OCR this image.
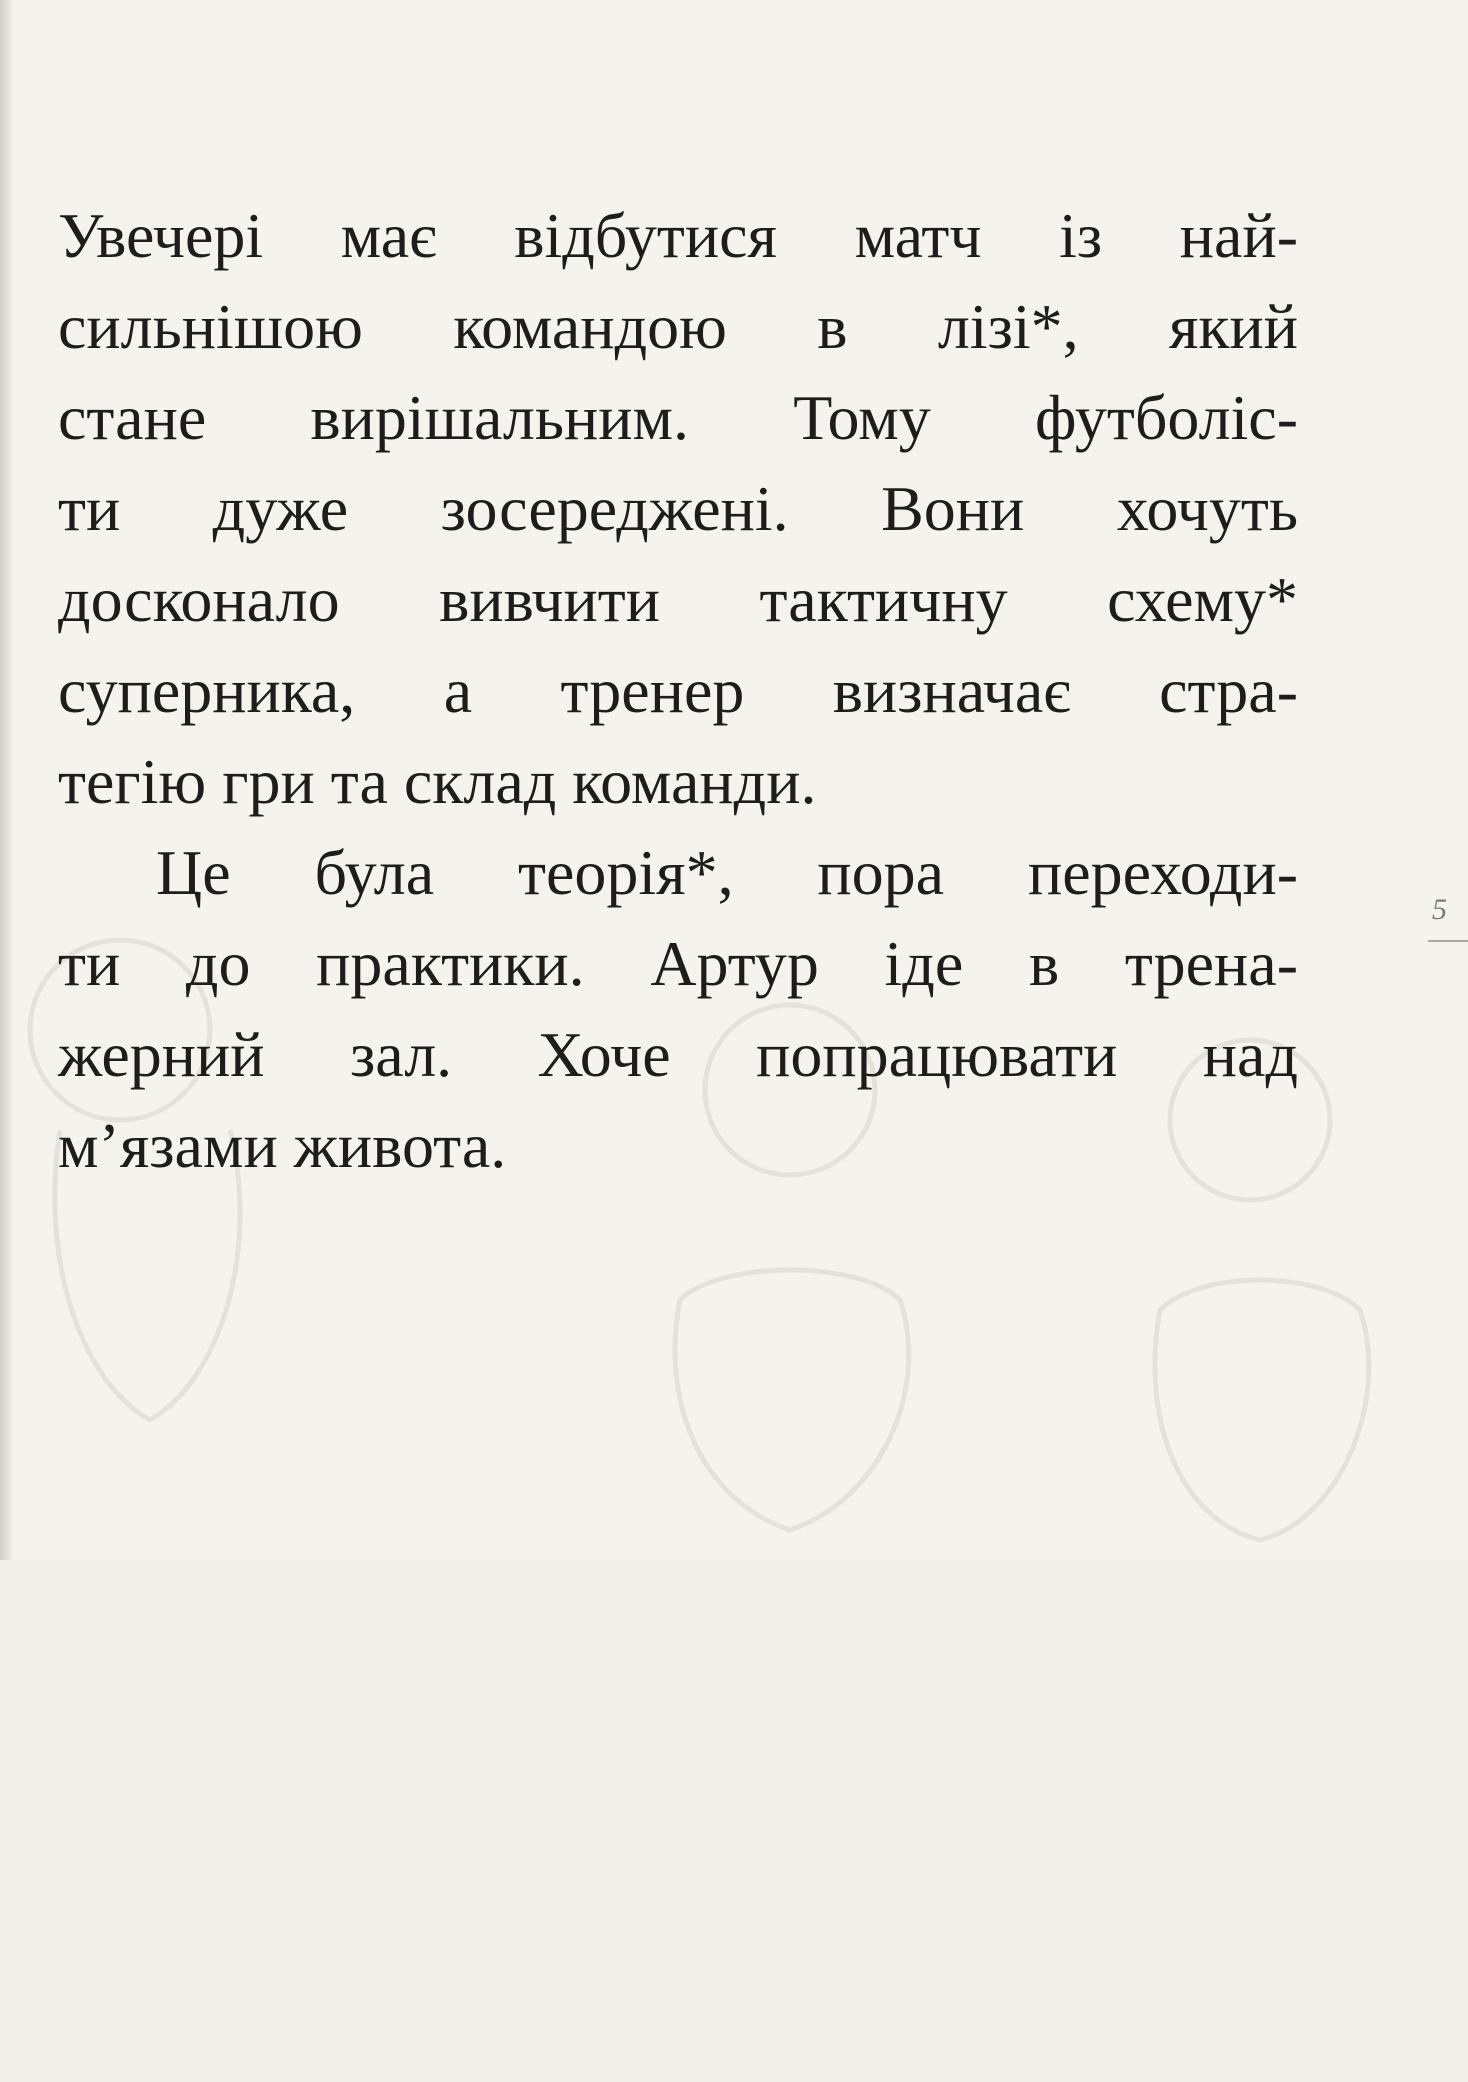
Увечері має відбутися матч із най-
сильнішою командою в лізі*, який
стане вирішальним. Тому футболіс-
ти дуже зосереджені. Вони хочуть
досконало вивчити тактичну схему*
суперника, а тренер визначає стра-
тегію гри та склад команди.
Це була теорія*, пора переходи-
ти до практики. Артур іде в трена-
жерний зал. Хоче попрацювати над
м’язами живота.
5
